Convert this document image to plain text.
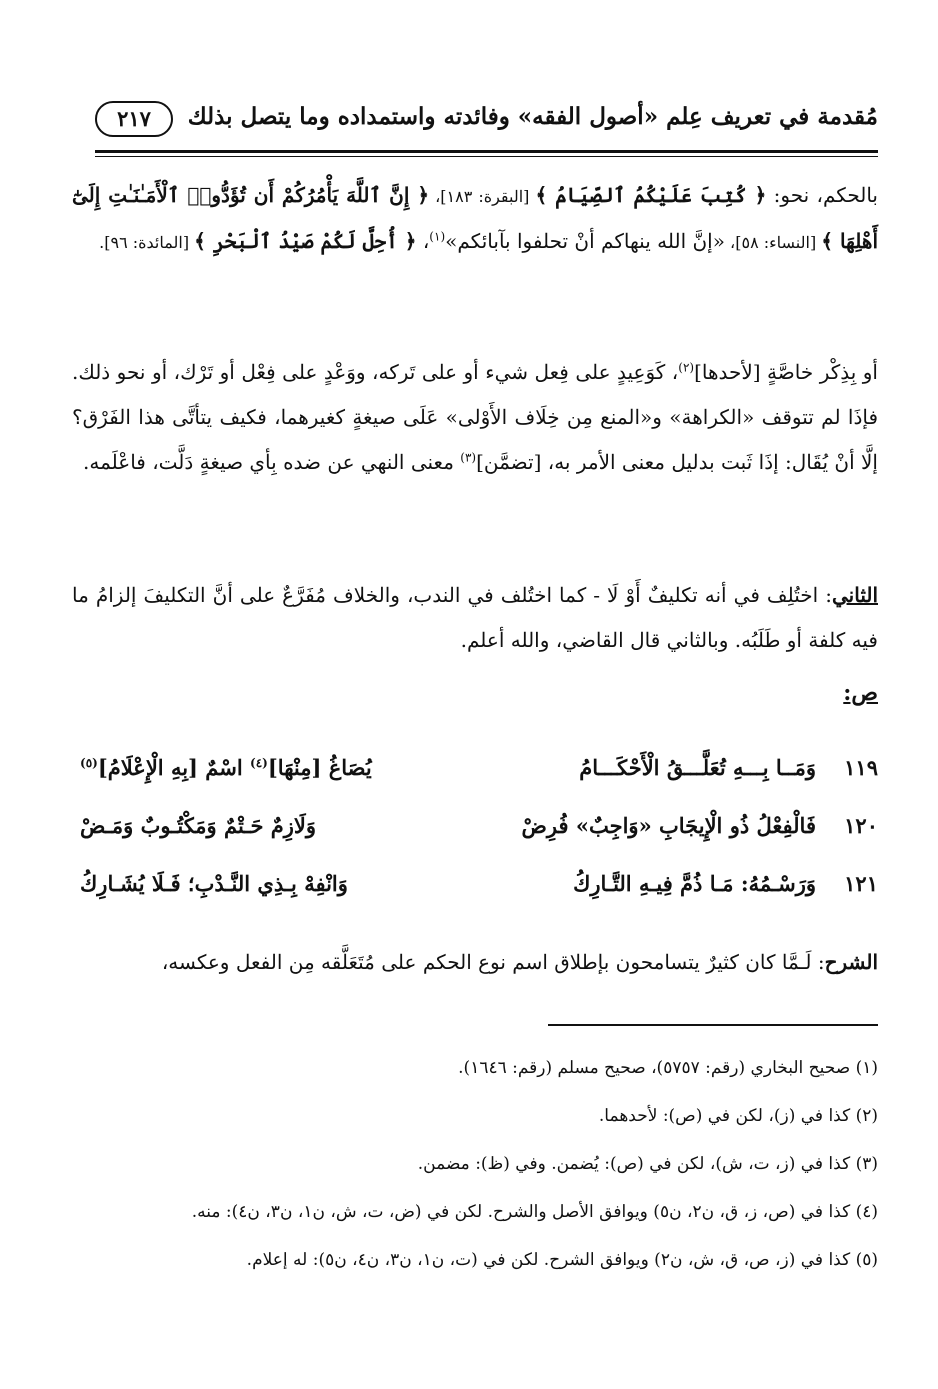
مُقدمة في تعريف عِلم «أصول الفقه» وفائدته واستمداده وما يتصل بذلك
٢١٧
بالحكم، نحو: ﴿ كُتِبَ عَلَيْكُمُ ٱلصِّيَامُ ﴾ [البقرة: ١٨٣]، ﴿ إِنَّ ٱللَّهَ يَأْمُرُكُمْ أَن تُؤَدُّوا۟ ٱلْأَمَـٰنَـٰتِ إِلَىٰٓ أَهْلِهَا ﴾ [النساء: ٥٨]، «إنَّ الله ينهاكم أنْ تحلفوا بآبائكم»$^{(١)}$، ﴿ أُحِلَّ لَكُمْ صَيْدُ ٱلْبَحْرِ ﴾ [المائدة: ٩٦].
أو بِذِكْر خاصَّةٍ [لأحدها]$^{(٢)}$، كَوَعِيدٍ على فِعل شيء أو على تَركه، ووَعْدٍ على فِعْل أو تَرْك، أو نحو ذلك. فإذَا لم تتوقف «الكراهة» و«المنع مِن خِلَاف الأَوْلى» عَلَى صيغةٍ كغيرهما، فكيف يتأتَّى هذا الفَرْق؟ إلَّا أنْ يُقَال: إذَا ثَبت بدليل معنى الأمر به، [تضمَّن]$^{(٣)}$ معنى النهي عن ضده بِأي صيغةٍ دَلَّت، فاعْلَمه.
الثاني: اختُلِف في أنه تكليفٌ أَوْ لَا - كما اختُلف في الندب، والخلاف مُفَرَّعٌ على أنَّ التكليفَ إلزامُ ما فيه كلفة أو طَلَبُه. وبالثاني قال القاضي، والله أعلم.
ص:
١١٩
وَمَــا بِـــهِ تُعَلَّـــقُ الْأَحْكَـــامُ
يُصَاغُ [مِنْهَا]$^{(٤)}$ اسْمٌ [بِهِ الْإِعْلَامُ]$^{(٥)}$
١٢٠
فَالْفِعْلُ ذُو الْإِيجَابِ «وَاجِبٌ» فُرِضْ
وَلَازِمٌ حَـتْمٌ وَمَكْتُـوبٌ وَمَـضْ
١٢١
وَرَسْـمُهُ: مَـا ذُمَّ فِيـهِ التَّـارِكُ
وَانْفِهْ بِـذِي النَّـدْبِ؛ فَـلَا يُشَـارِكُ
الشرح: لَـمَّا كان كثيرٌ يتسامحون بإطلاق اسم نوع الحكم على مُتَعَلَّقه مِن الفعل وعكسه،
(١) صحيح البخاري (رقم: ٥٧٥٧)، صحيح مسلم (رقم: ١٦٤٦).
(٢) كذا في (ز)، لكن في (ص): لأحدهما.
(٣) كذا في (ز، ت، ش)، لكن في (ص): يُضمن. وفي (ظ): مضمن.
(٤) كذا في (ص، ز، ق، ن٢، ن٥) ويوافق الأصل والشرح. لكن في (ض، ت، ش، ن١، ن٣، ن٤): منه.
(٥) كذا في (ز، ص، ق، ش، ن٢) ويوافق الشرح. لكن في (ت، ن١، ن٣، ن٤، ن٥): له إعلام.
